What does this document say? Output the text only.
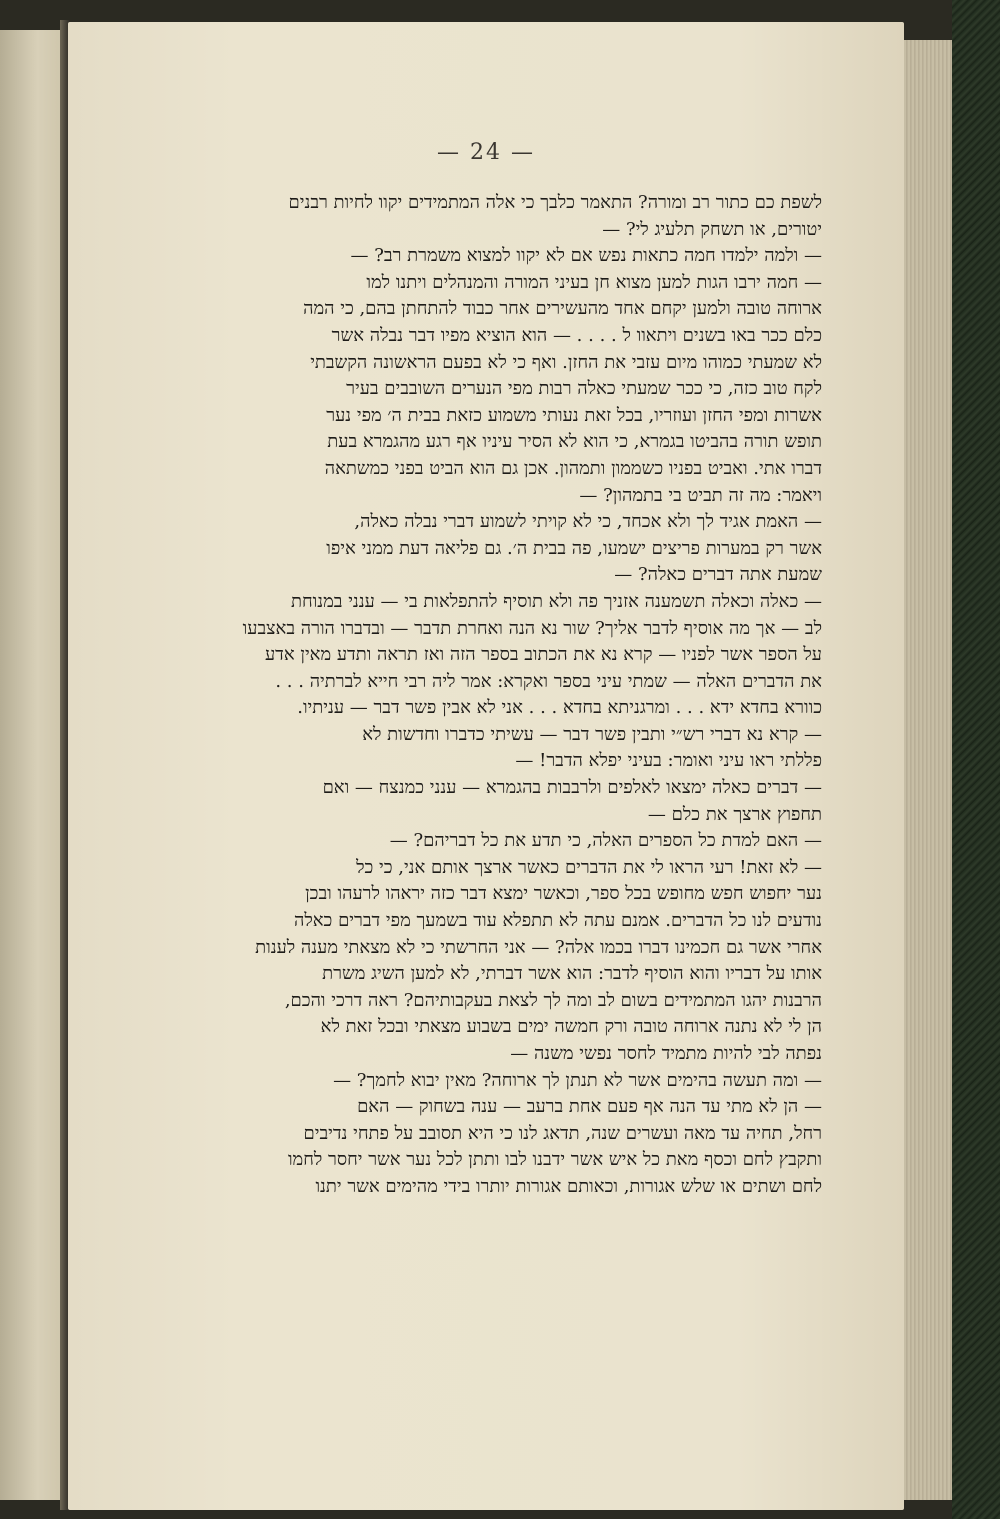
— 24 —

לשפת כם כתור רב ומורה? התאמר כלבך כי אלה המתמידים יקוו לחיות רבנים

יטורים, או תשחק תלעיג לי? —

— ולמה ילמדו חמה כתאות נפש אם לא יקוו למצוא משמרת רב? —

— חמה ירבו הגות למען מצוא חן בעיני המורה והמנהלים ויתנו למו

ארוחה טובה ולמען יקחם אחד מהעשירים אחר כבוד להתחתן בהם, כי המה

כלם ככר באו בשנים ויתאוו ל . . . . — הוא הוציא מפיו דבר נבלה אשר

לא שמעתי כמוהו מיום עזבי את החזן. ואף כי לא בפעם הראשונה הקשבתי

לקח טוב כזה, כי ככר שמעתי כאלה רבות מפי הנערים השובבים בעיר

אשרות ומפי החזן ועוזריו, בכל זאת נעותי משמוע כזאת בבית ה׳ מפי נער

תופש תורה בהביטו בגמרא, כי הוא לא הסיר עיניו אף רגע מהגמרא בעת

דברו אתי. ואביט בפניו כשממון ותמהון. אכן גם הוא הביט בפני כמשתאה

ויאמר: מה זה תביט בי בתמהון? —

— האמת אגיד לך ולא אכחד, כי לא קויתי לשמוע דברי נבלה כאלה,

אשר רק במערות פריצים ישמעו, פה בבית ה׳. גם פליאה דעת ממני איפו

שמעת אתה דברים כאלה? —

— כאלה וכאלה תשמענה אזניך פה ולא תוסיף להתפלאות בי — ענני במנוחת

לב — אך מה אוסיף לדבר אליך? שור נא הנה ואחרת תדבר — ובדברו הורה באצבעו

על הספר אשר לפניו — קרא נא את הכתוב בספר הזה ואז תראה ותדע מאין אדע

את הדברים האלה — שמתי עיני בספר ואקרא: אמר ליה רבי חייא לברתיה . . .

כוורא בחדא ידא . . . ומרגניתא בחדא . . . אני לא אבין פשר דבר — עניתיו.

— קרא נא דברי רש״י ותבין פשר דבר — עשיתי כדברו וחדשות לא

פללתי ראו עיני ואומר: בעיני יפלא הדבר! —

— דברים כאלה ימצאו לאלפים ולרבבות בהגמרא — ענני כמנצח — ואם

תחפוץ ארצך את כלם —

— האם למדת כל הספרים האלה, כי תדע את כל דבריהם? —

— לא זאת! רעי הראו לי את הדברים כאשר ארצך אותם אני, כי כל

נער יחפוש חפש מחופש בכל ספר, וכאשר ימצא דבר כזה יראהו לרעהו ובכן

נודעים לנו כל הדברים. אמנם עתה לא תתפלא עוד בשמעך מפי דברים כאלה

אחרי אשר גם חכמינו דברו בכמו אלה? — אני החרשתי כי לא מצאתי מענה לענות

אותו על דבריו והוא הוסיף לדבר: הוא אשר דברתי, לא למען השיג משרת

הרבנות יהגו המתמידים בשום לב ומה לך לצאת בעקבותיהם? ראה דרכי והכם,

הן לי לא נתנה ארוחה טובה ורק חמשה ימים בשבוע מצאתי ובכל זאת לא

נפתה לבי להיות מתמיד לחסר נפשי משנה —

— ומה תעשה בהימים אשר לא תנתן לך ארוחה? מאין יבוא לחמך? —

— הן לא מתי עד הנה אף פעם אחת ברעב — ענה בשחוק — האם

רחל, תחיה עד מאה ועשרים שנה, תדאג לנו כי היא תסובב על פתחי נדיבים

ותקבץ לחם וכסף מאת כל איש אשר ידבנו לבו ותתן לכל נער אשר יחסר לחמו

לחם ושתים או שלש אגורות, וכאותם אגורות יותרו בידי מהימים אשר יתנו
